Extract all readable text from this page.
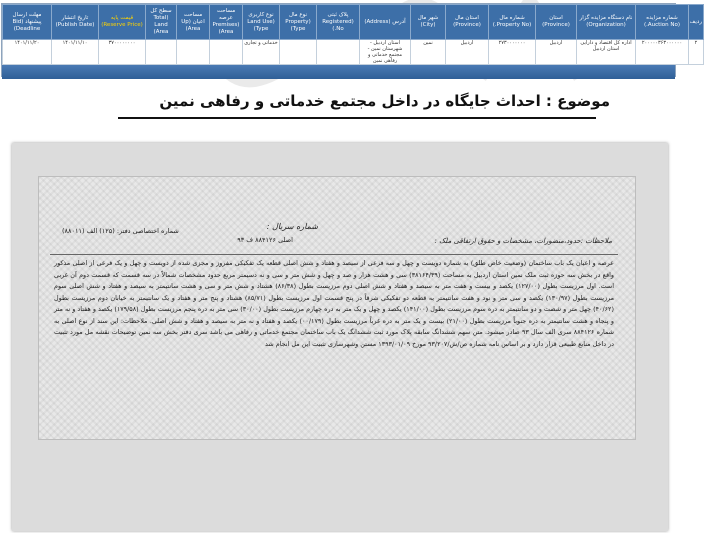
ردیف	شماره مزایده (Auction No.)	نام دستگاه مزایده گزار (Organization)	استان (Province)	شماره مال (Property No.)	استان مال (Province)	شهر مال (City)	آدرس (Address)	پلاک ثبتی (Registered No.)	نوع مال (Property Type)	نوع کاربری (Land Use Type)	مساحت عرصه (Premises Area)	مساحت اعیان (Up Area)	سطح کل (Total Land Area)	قیمت پایه (Reserve Price)	تاریخ انتشار (Publish Date)	مهلت ارسال پیشنهاد (Bid Deadline)
۲	۲۰۰۰۰۰۳۶۳۰۰۰۰۰۰	اداره کل اقتصاد و دارایی استان اردبیل	اردبیل	۲۷۳۰۰۰۰۰۰۰	اردبیل	نمین	استان اردبیل - شهرستان نمین - مجتمع خدماتی و رفاهی نمین			خدماتی و تجاری				۳۷۰۰۰۰۰۰۰۰	۱۴۰۱/۱۱/۱۰	۱۴۰۱/۱۱/۲۰
موضوع : احداث جایگاه در داخل مجتمع خدماتی و رفاهی نمین
ملاحظات :حدود،منضورات، مشخصات و حقوق ارتفاقی ملک :
شماره سریال :
اصلی ۸۸۴۱۲۶ ف ۹۳
شماره اختصاصی دفتر: (۱۲۵) الف (۸۸۰۱۱)
عرصه و اعیان یک باب ساختمان (وضعیت خاص طلق) به شماره دویست و چهل و سه فرعی از سیصد و هفتاد و شش اصلی قطعه یک تفکیکی مفروز و مجزی شده از دویست و چهل و یک فرعی از اصلی مذکور واقع در بخش سه حوزه ثبت ملک نمین استان اردبیل به مساحت (۳۸۱۶۴/۳۹) سی و هشت هزار و صد و چهل و شش متر و سی و نه دسیمتر مربع حدود مشخصات شمالاً در سه قسمت که قسمت دوم آن غربی است. اول مرزیست بطول (۱۲۷/۰۰) یکصد و بیست و هفت متر به سیصد و هفتاد و شش اصلی دوم مرزیست بطول (۸۶/۳۸) هشتاد و شش متر و سی و هشت سانتیمتر به سیصد و هفتاد و شش اصلی سوم مرزیست بطول (۱۳۰/۹۷) یکصد و سی متر و نود و هفت سانتیمتر به قطعه دو تفکیکی شرقاً در پنج قسمت اول مرزیست بطول (۸۵/۷۱) هشتاد و پنج متر و هفتاد و یک سانتیمتر به خیابان دوم مرزیست بطول (۴۰/۶۲) چهل متر و شصت و دو سانتیمتر به دره سوم مرزیست بطول (۱۴۱/۰۰) یکصد و چهل و یک متر به دره چهارم مرزیست بطول (۳۰/۰۰) سی متر به دره پنجم مرزیست بطول (۱۷۹/۵۸) یکصد و هفتاد و نه متر و پنجاه و هشت سانتیمتر به دره جنوباً مرزیست بطول (۲۱/۰۰) بیست و یک متر به دره غرباً مرزیست بطول (۰۰/۱۷۹) یکصد و هفتاد و نه متر به سیصد و هفتاد و شش اصلی. ملاحظات: این سند از نوع اصلی به شماره ۸۸۴۱۲۶ سری الف سال ۹۳ صادر میشود. متن سهم ششدانگ سابقه پلاک مورد ثبت ششدانگ یک باب ساختمان مجتمع خدماتی و رفاهی می باشد سری دفتر بخش سه نمین توضیحات نقشه مل مورد تثبیت در داخل منابع طبیعی قرار دارد و بر اساس نامه شماره ص/ش/۹۳/۲۰۷ مورخ ۱۳۹۳/۰۱/۰۹ مستن وشهرسازی تثبیت این مل انجام شد
